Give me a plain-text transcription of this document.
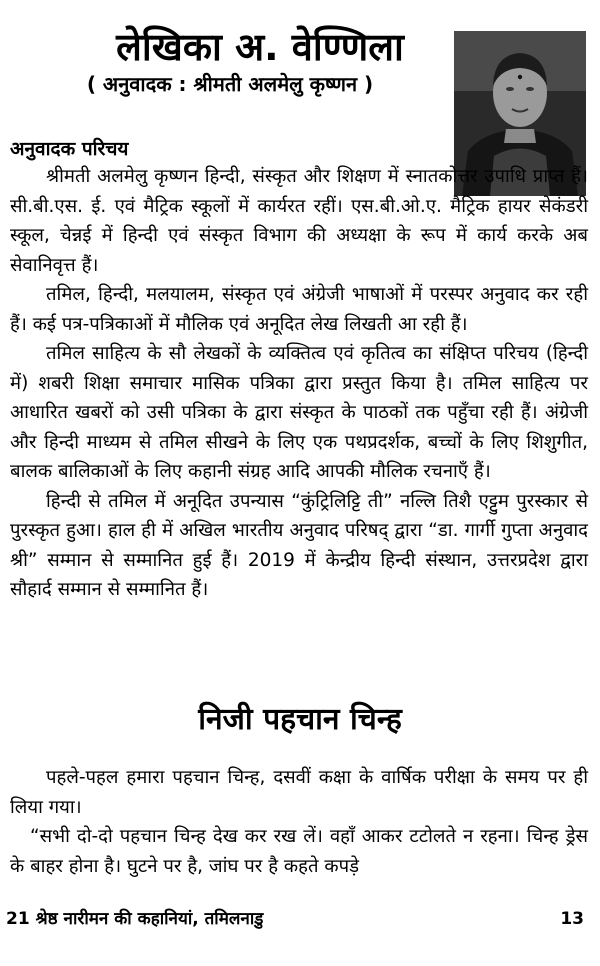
लेखिका अ. वेण्णिला
( अनुवादक : श्रीमती अलमेलु कृष्णन )
अनुवादक परिचय

श्रीमती अलमेलु कृष्णन हिन्दी, संस्कृत और शिक्षण में स्नातकोत्तर उपाधि प्राप्त हैं। सी.बी.एस. ई. एवं मैट्रिक स्कूलों में कार्यरत रहीं। एस.बी.ओ.ए. मैट्रिक हायर सेकंडरी स्कूल, चेन्नई में हिन्दी एवं संस्कृत विभाग की अध्यक्षा के रूप में कार्य करके अब सेवानिवृत्त हैं।

तमिल, हिन्दी, मलयालम, संस्कृत एवं अंग्रेजी भाषाओं में परस्पर अनुवाद कर रही हैं। कई पत्र-पत्रिकाओं में मौलिक एवं अनूदित लेख लिखती आ रही हैं।

तमिल साहित्य के सौ लेखकों के व्यक्तित्व एवं कृतित्व का संक्षिप्त परिचय (हिन्दी में) शबरी शिक्षा समाचार मासिक पत्रिका द्वारा प्रस्तुत किया है। तमिल साहित्य पर आधारित खबरों को उसी पत्रिका के द्वारा संस्कृत के पाठकों तक पहुँचा रही हैं। अंग्रेजी और हिन्दी माध्यम से तमिल सीखने के लिए एक पथप्रदर्शक, बच्चों के लिए शिशुगीत, बालक बालिकाओं के लिए कहानी संग्रह आदि आपकी मौलिक रचनाएँ हैं।

हिन्दी से तमिल में अनूदित उपन्यास “कुंट्रिलिट्टि ती” नल्लि तिशै एट्टुम पुरस्कार से पुरस्कृत हुआ। हाल ही में अखिल भारतीय अनुवाद परिषद् द्वारा “डा. गार्गी गुप्ता अनुवाद श्री” सम्मान से सम्मानित हुई हैं। 2019 में केन्द्रीय हिन्दी संस्थान, उत्तरप्रदेश द्वारा सौहार्द सम्मान से सम्मानित हैं।

निजी पहचान चिन्ह

पहले-पहल हमारा पहचान चिन्ह, दसवीं कक्षा के वार्षिक परीक्षा के समय पर ही लिया गया।

“सभी दो-दो पहचान चिन्ह देख कर रख लें। वहाँ आकर टटोलते न रहना। चिन्ह ड्रेस के बाहर होना है। घुटने पर है, जांघ पर है कहते कपड़े

21 श्रेष्ठ नारीमन की कहानियां, तमिलनाडु	13
